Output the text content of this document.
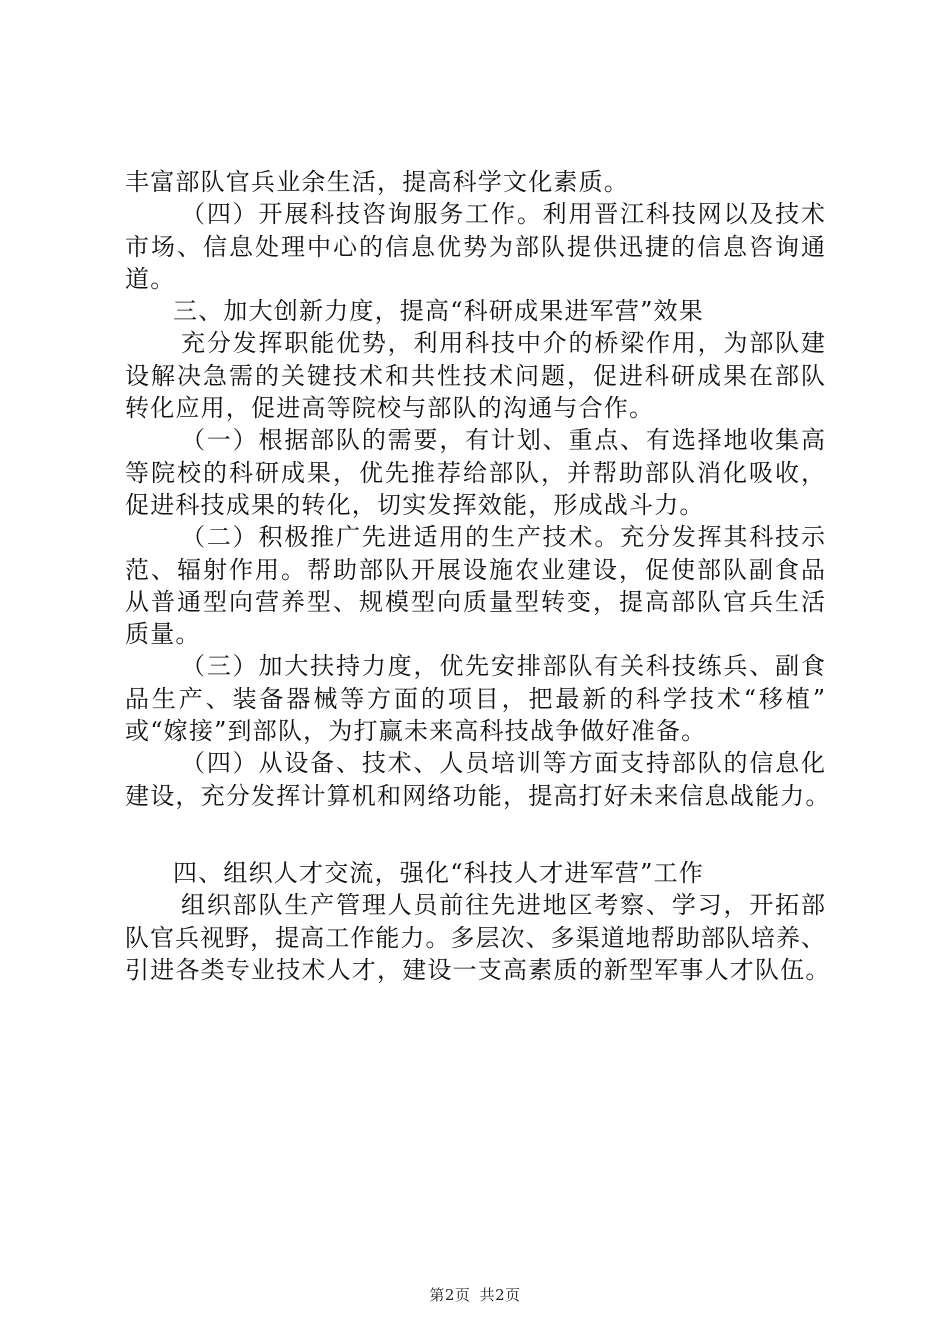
丰富部队官兵业余生活，提高科学文化素质。
（四）开展科技咨询服务工作。利用晋江科技网以及技术
市场、信息处理中心的信息优势为部队提供迅捷的信息咨询通
道。
三、加大创新力度，提高“科研成果进军营”效果
充分发挥职能优势，利用科技中介的桥梁作用，为部队建
设解决急需的关键技术和共性技术问题，促进科研成果在部队
转化应用，促进高等院校与部队的沟通与合作。
（一）根据部队的需要，有计划、重点、有选择地收集高
等院校的科研成果，优先推荐给部队，并帮助部队消化吸收，
促进科技成果的转化，切实发挥效能，形成战斗力。
（二）积极推广先进适用的生产技术。充分发挥其科技示
范、辐射作用。帮助部队开展设施农业建设，促使部队副食品
从普通型向营养型、规模型向质量型转变，提高部队官兵生活
质量。
（三）加大扶持力度，优先安排部队有关科技练兵、副食
品生产、装备器械等方面的项目，把最新的科学技术“移植”
或“嫁接”到部队，为打赢未来高科技战争做好准备。
（四）从设备、技术、人员培训等方面支持部队的信息化
建设，充分发挥计算机和网络功能，提高打好未来信息战能力。
四、组织人才交流，强化“科技人才进军营”工作
组织部队生产管理人员前往先进地区考察、学习，开拓部
队官兵视野，提高工作能力。多层次、多渠道地帮助部队培养、
引进各类专业技术人才，建设一支高素质的新型军事人才队伍。
第2页 共2页
